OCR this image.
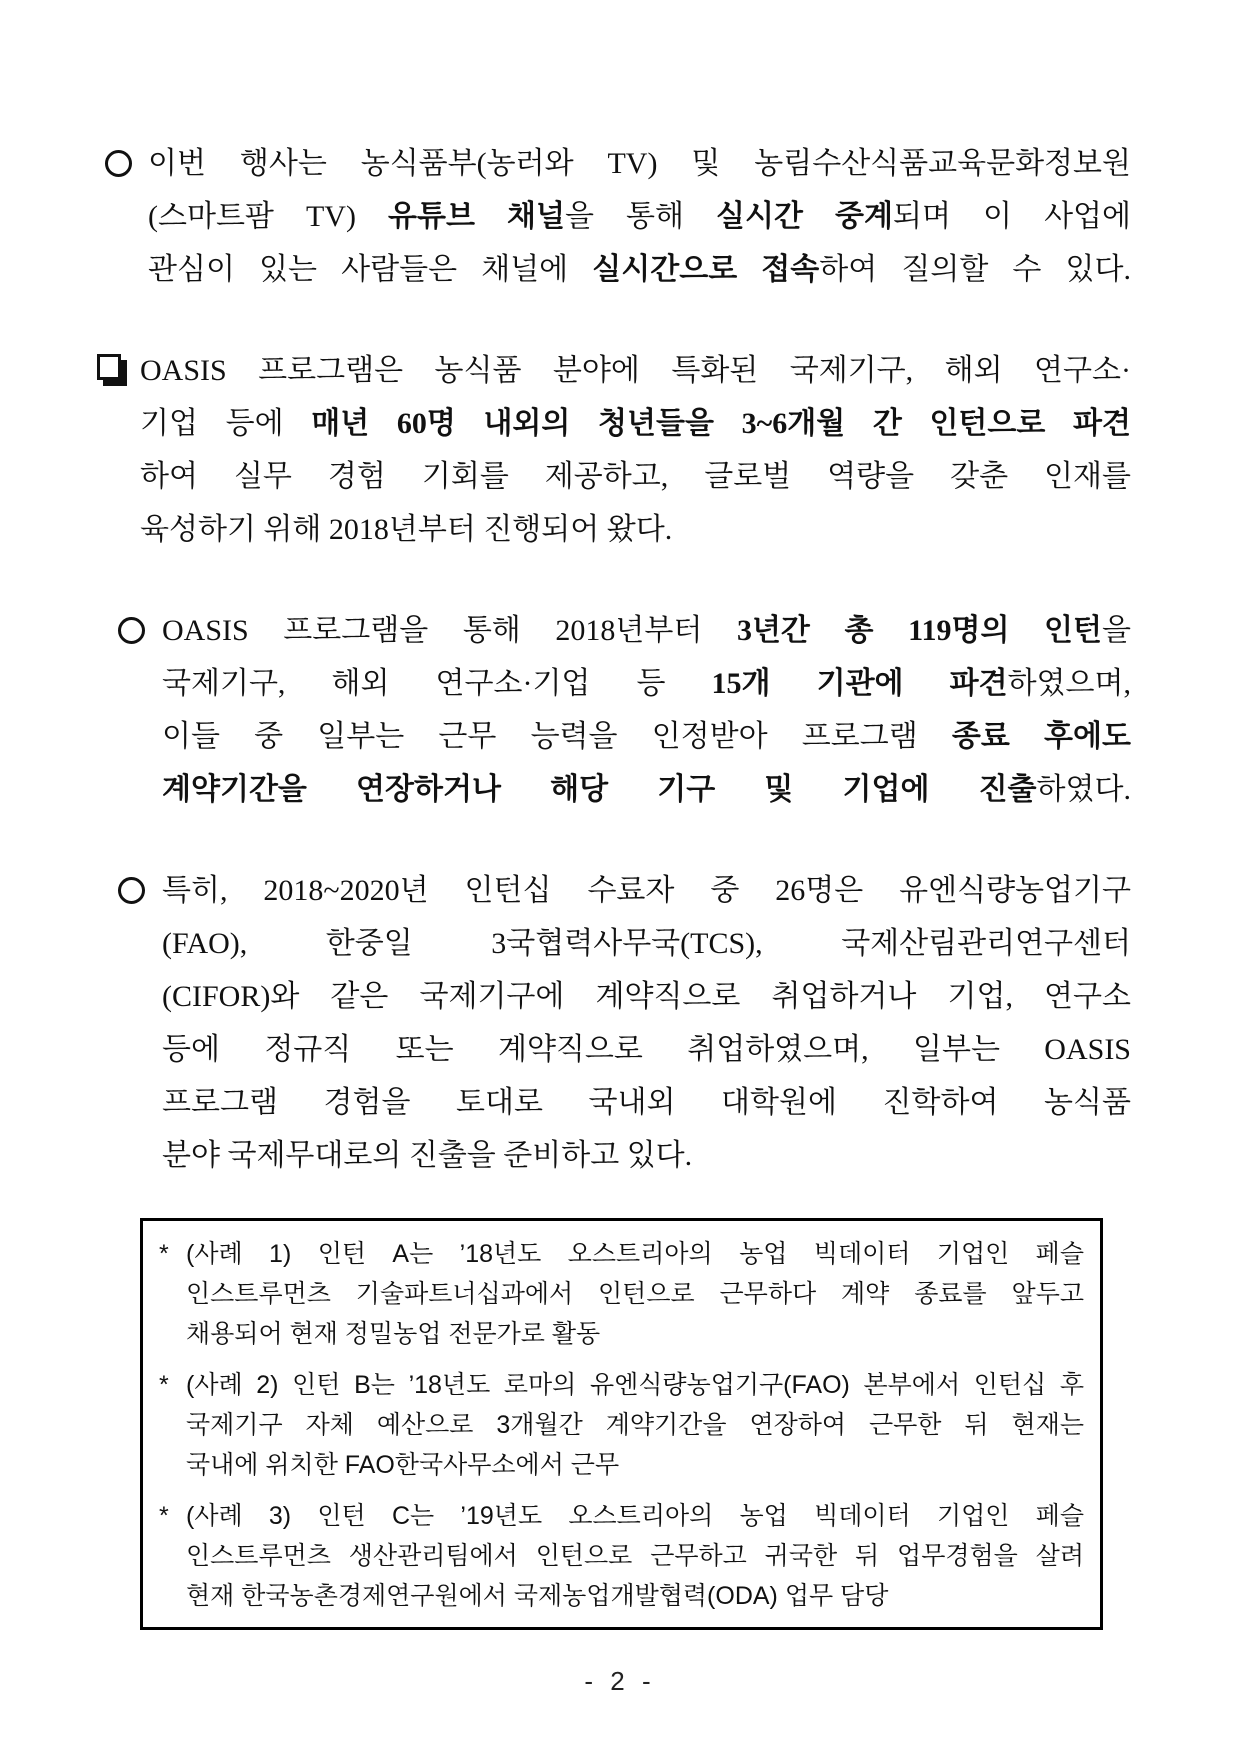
이번 행사는 농식품부(농러와 TV) 및 농림수산식품교육문화정보원
(스마트팜 TV) 유튜브 채널을 통해 실시간 중계되며 이 사업에
관심이 있는 사람들은 채널에 실시간으로 접속하여 질의할 수 있다.
OASIS 프로그램은 농식품 분야에 특화된 국제기구, 해외 연구소·
기업 등에 매년 60명 내외의 청년들을 3~6개월 간 인턴으로 파견
하여 실무 경험 기회를 제공하고, 글로벌 역량을 갖춘 인재를
육성하기 위해 2018년부터 진행되어 왔다.
OASIS 프로그램을 통해 2018년부터 3년간 총 119명의 인턴을
국제기구, 해외 연구소·기업 등 15개 기관에 파견하였으며,
이들 중 일부는 근무 능력을 인정받아 프로그램 종료 후에도
계약기간을 연장하거나 해당 기구 및 기업에 진출하였다.
특히, 2018~2020년 인턴십 수료자 중 26명은 유엔식량농업기구
(FAO), 한중일 3국협력사무국(TCS), 국제산림관리연구센터
(CIFOR)와 같은 국제기구에 계약직으로 취업하거나 기업, 연구소
등에 정규직 또는 계약직으로 취업하였으며, 일부는 OASIS
프로그램 경험을 토대로 국내외 대학원에 진학하여 농식품
분야 국제무대로의 진출을 준비하고 있다.
* (사례 1) 인턴 A는 ’18년도 오스트리아의 농업 빅데이터 기업인 페슬
인스트루먼츠 기술파트너십과에서 인턴으로 근무하다 계약 종료를 앞두고
채용되어 현재 정밀농업 전문가로 활동
* (사례 2) 인턴 B는 ’18년도 로마의 유엔식량농업기구(FAO) 본부에서 인턴십 후
국제기구 자체 예산으로 3개월간 계약기간을 연장하여 근무한 뒤 현재는
국내에 위치한 FAO한국사무소에서 근무
* (사례 3) 인턴 C는 ’19년도 오스트리아의 농업 빅데이터 기업인 페슬
인스트루먼츠 생산관리팀에서 인턴으로 근무하고 귀국한 뒤 업무경험을 살려
현재 한국농촌경제연구원에서 국제농업개발협력(ODA) 업무 담당
- 2 -
